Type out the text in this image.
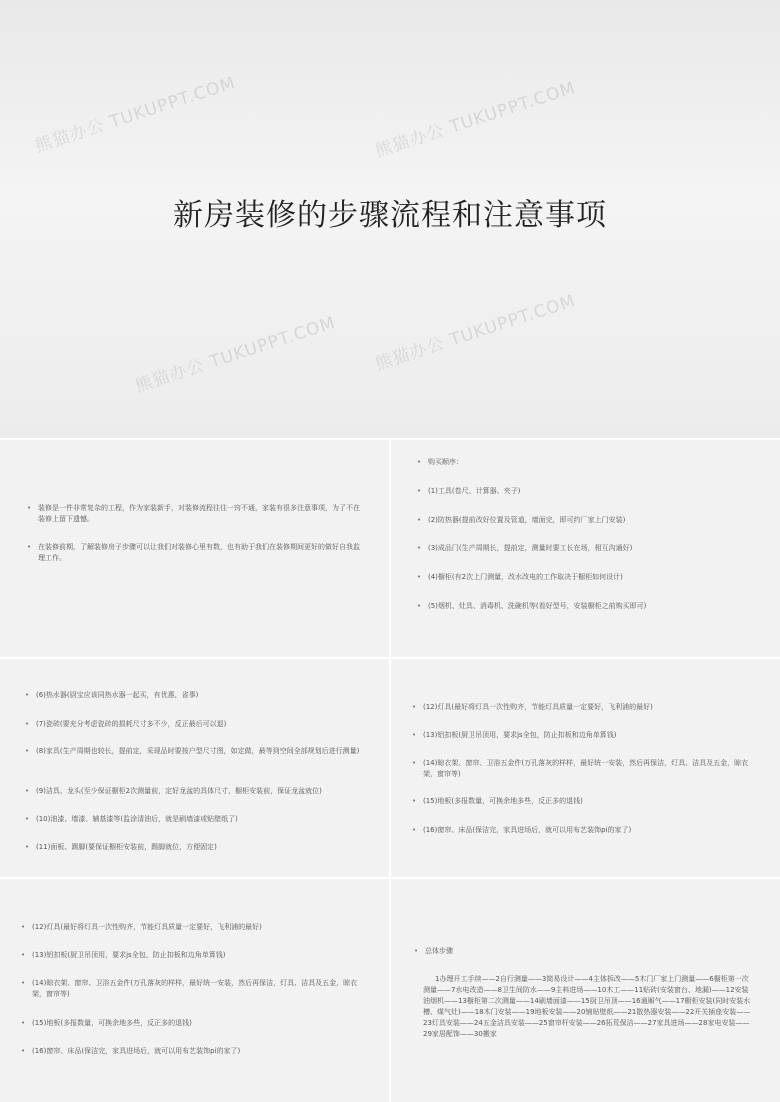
熊猫办公 TUKUPPT.COM	熊猫办公 TUKUPPT.COM
熊猫办公 TUKUPPT.COM 熊猫办公 TUKUPPT.COM
新房装修的步骤流程和注意事项
• 装修是一件非常复杂的工程，作为家装新手，对装修流程往往一窍不通，家装有很多注意事项，为了不在装修上留下遗憾。
• 在装修前期，了解装修房子步骤可以让我们对装修心里有数，也有助于我们在装修期间更好的做好自我监理工作。
• 购买顺序：
• (1)工具(卷尺、计算器、夹子)
• (2)防热器(提前改好位置及管道，墙面完，即可约厂家上门安装)
• (3)成品门(生产周期长，提前定，测量时要工长在场，相互沟通好)
• (4)橱柜(有2次上门测量，改水改电的工作取决于橱柜如何设计)
• (5)烟机、灶具、消毒机、洗碗机等(看好型号，安装橱柜之前购买即可)
• (6)热水器(厨宝应该同热水器一起买，有优惠，省事)
• (7)瓷砖(要充分考虑瓷砖的损耗尺寸多不少，反正最后可以退)
• (8)家具(生产周期也较长，提前定，采现品时要按户型尺寸图，如定做，最等到空间全部规划后进行测量)
• (9)洁具、龙头(至少保证橱柜2次测量前，定好龙盆的具体尺寸，橱柜安装前，保证龙盆就位)
• (10)油漆、墙漆、辅基漆等(监涂清油后，就是刷墙漆或贴壁纸了)
• (11)面板、踢脚(要保证橱柜安装前，踢脚就位，方便固定)
• (12)灯具(最好将灯具一次性购齐，节能灯具质量一定要好，飞利浦的最好)
• (13)铝扣板(厨卫吊顶用，要求js全包，防止扣板和边角单算钱)
• (14)晾衣架、窗帘、卫浴五金件(万孔落灰的样样，最好统一安装，然后再保洁，灯具、洁具及五金，晾衣架，窗帘等)
• (15)地板(多报数量，可换余地多些，反正多的退钱)
• (16)窗帘、床品(保洁完，家具进场后，就可以用布艺装饰pi的家了)
• (12)灯具(最好将灯具一次性购齐，节能灯具质量一定要好，飞利浦的最好)
• (13)铝扣板(厨卫吊顶用，要求js全包，防止扣板和边角单算钱)
• (14)晾衣架、窗帘、卫浴五金件(万孔落灰的样样，最好统一安装，然后再保洁，灯具、洁具及五金，晾衣架，窗帘等)
• (15)地板(多报数量，可换余地多些，反正多的退钱)
• (16)窗帘、床品(保洁完，家具进场后，就可以用布艺装饰pi的家了)
• 总体步骤
1办理开工手续——2自行测量——3简易设计——4主体拆改——5木门厂家上门测量——6橱柜第一次测量——7水电改造——8卫生间防水——9主料进场——10木工——11贴砖(安装窗台、地漏)——12安装油烟机——13橱柜第二次测量——14刷墙面漆——15厨卫吊顶——16通厢气——17橱柜安装(同时安装水槽、煤气灶)——18木门安装——19地板安装——20铺贴壁纸——21散热器安装——22开关插座安装——23灯具安装——24五金洁具安装——25窗帘杆安装——26拓荒保洁——27家具进场——28家电安装——29家居配饰——30搬家
